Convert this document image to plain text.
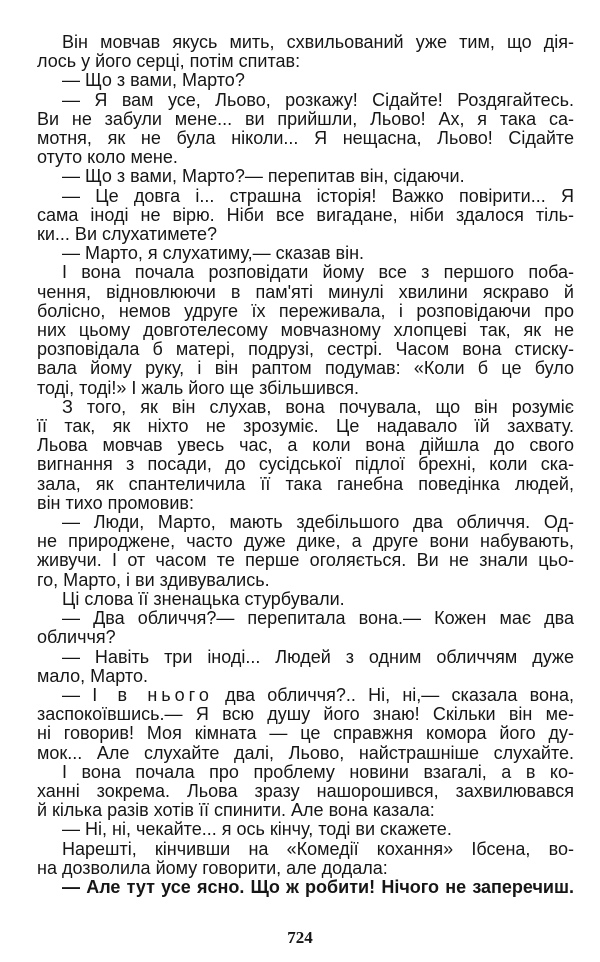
Він мовчав якусь мить, схвильований уже тим, що дія-
лось у його серці, потім спитав:
— Що з вами, Марто?
— Я вам усе, Льово, розкажу! Сідайте! Роздягайтесь.
Ви не забули мене... ви прийшли, Льово! Ах, я така са-
мотня, як не була ніколи... Я нещасна, Льово! Сідайте
отуто коло мене.
— Що з вами, Марто?— перепитав він, сідаючи.
— Це довга і... страшна історія! Важко повірити... Я
сама іноді не вірю. Ніби все вигадане, ніби здалося тіль-
ки... Ви слухатимете?
— Марто, я слухатиму,— сказав він.
І вона почала розповідати йому все з першого поба-
чення, відновлюючи в пам'яті минулі хвилини яскраво й
болісно, немов удруге їх переживала, і розповідаючи про
них цьому довготелесому мовчазному хлопцеві так, як не
розповідала б матері, подрузі, сестрі. Часом вона стиску-
вала йому руку, і він раптом подумав: «Коли б це було
тоді, тоді!» І жаль його ще збільшився.
З того, як він слухав, вона почувала, що він розуміє
її так, як ніхто не зрозуміє. Це надавало їй захвату.
Льова мовчав увесь час, а коли вона дійшла до свого
вигнання з посади, до сусідської підлої брехні, коли ска-
зала, як спантеличила її така ганебна поведінка людей,
він тихо промовив:
— Люди, Марто, мають здебільшого два обличчя. Од-
не природжене, часто дуже дике, а друге вони набувають,
живучи. І от часом те перше оголяється. Ви не знали цьо-
го, Марто, і ви здивувались.
Ці слова її зненацька стурбували.
— Два обличчя?— перепитала вона.— Кожен має два
обличчя?
— Навіть три іноді... Людей з одним обличчям дуже
мало, Марто.
— І в нього два обличчя?.. Ні, ні,— сказала вона,
заспокоївшись.— Я всю душу його знаю! Скільки він ме-
ні говорив! Моя кімната — це справжня комора його ду-
мок... Але слухайте далі, Льово, найстрашніше слухайте.
І вона почала про проблему новини взагалі, а в ко-
ханні зокрема. Льова зразу нашорошився, захвилювався
й кілька разів хотів її спинити. Але вона казала:
— Ні, ні, чекайте... я ось кінчу, тоді ви скажете.
Нарешті, кінчивши на «Комедії кохання» Ібсена, во-
на дозволила йому говорити, але додала:
— Але тут усе ясно. Що ж робити! Нічого не заперечиш.
724
